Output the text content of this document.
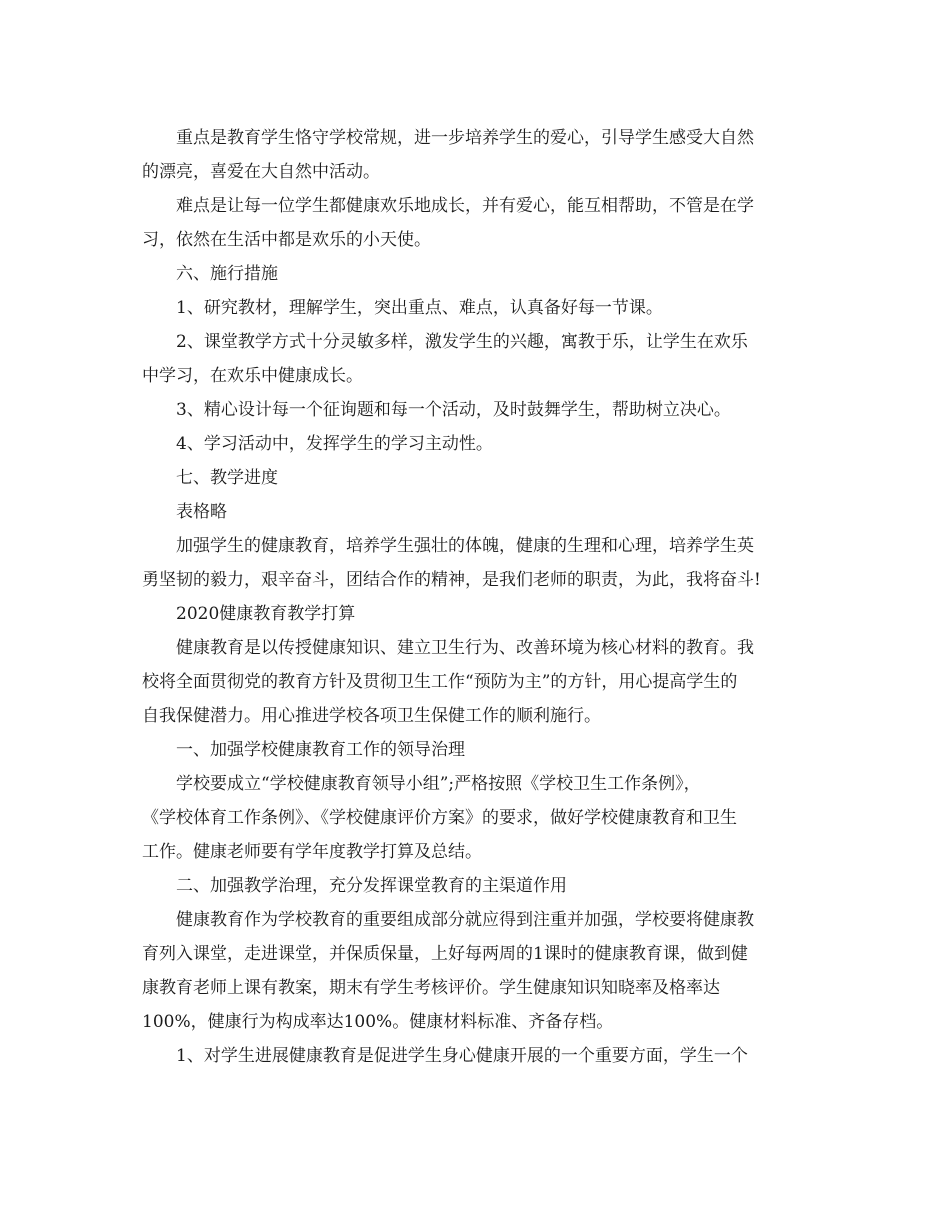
重点是教育学生恪守学校常规，进一步培养学生的爱心，引导学生感受大自然
的漂亮，喜爱在大自然中活动。
难点是让每一位学生都健康欢乐地成长，并有爱心，能互相帮助，不管是在学
习，依然在生活中都是欢乐的小天使。
六、施行措施
1、研究教材，理解学生，突出重点、难点，认真备好每一节课。
2、课堂教学方式十分灵敏多样，激发学生的兴趣，寓教于乐，让学生在欢乐
中学习，在欢乐中健康成长。
3、精心设计每一个征询题和每一个活动，及时鼓舞学生，帮助树立决心。
4、学习活动中，发挥学生的学习主动性。
七、教学进度
表格略
加强学生的健康教育，培养学生强壮的体魄，健康的生理和心理，培养学生英
勇坚韧的毅力，艰辛奋斗，团结合作的精神，是我们老师的职责，为此，我将奋斗!
2020健康教育教学打算
健康教育是以传授健康知识、建立卫生行为、改善环境为核心材料的教育。我
校将全面贯彻党的教育方针及贯彻卫生工作“预防为主”的方针，用心提高学生的
自我保健潜力。用心推进学校各项卫生保健工作的顺利施行。
一、加强学校健康教育工作的领导治理
学校要成立“学校健康教育领导小组”;严格按照《学校卫生工作条例》，
《学校体育工作条例》、《学校健康评价方案》的要求，做好学校健康教育和卫生
工作。健康老师要有学年度教学打算及总结。
二、加强教学治理，充分发挥课堂教育的主渠道作用
健康教育作为学校教育的重要组成部分就应得到注重并加强，学校要将健康教
育列入课堂，走进课堂，并保质保量，上好每两周的1课时的健康教育课，做到健
康教育老师上课有教案，期末有学生考核评价。学生健康知识知晓率及格率达
100%，健康行为构成率达100%。健康材料标准、齐备存档。
1、对学生进展健康教育是促进学生身心健康开展的一个重要方面，学生一个
